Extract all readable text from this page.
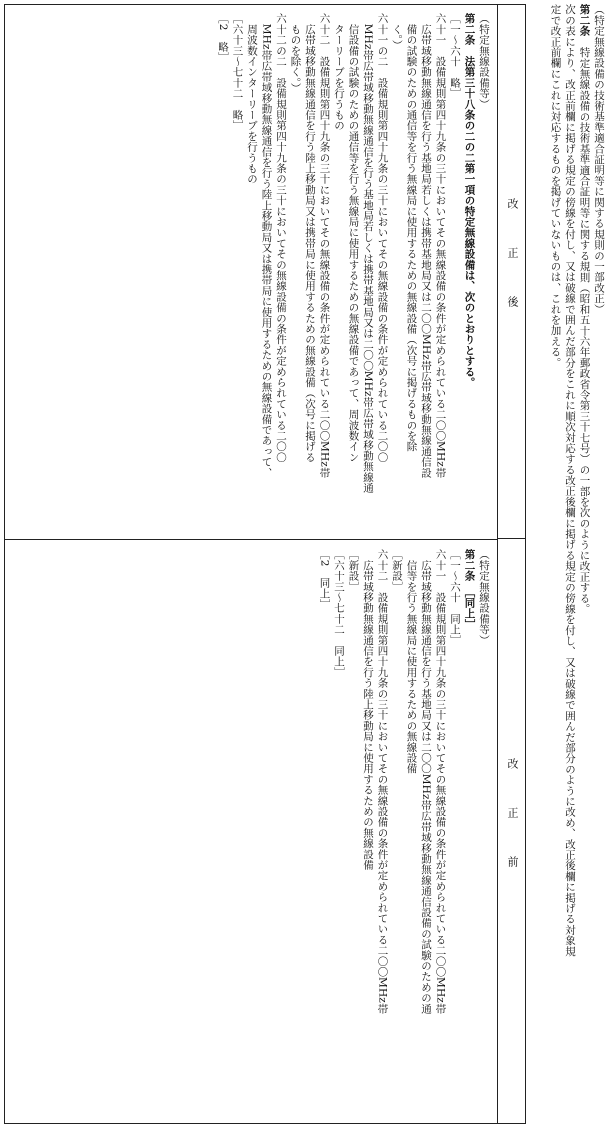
（特定無線設備の技術基準適合証明等に関する規則の一部改正）
第二条　特定無線設備の技術基準適合証明等に関する規則（昭和五十六年郵政省令第三十七号）の一部を次のように改正する。
次の表により、改正前欄に掲げる規定の傍線を付し、又は破線で囲んだ部分をこれに順次対応する改正後欄に掲げる規定の傍線を付し、又は破線で囲んだ部分のように改め、改正後欄に掲げる対象規
定で改正前欄にこれに対応するものを掲げていないものは、これを加える。
改正後
改正前
（特定無線設備等）
第二条　法第三十八条の二の二第一項の特定無線設備は、次のとおりとする。
［一～六十　略］
六十一　設備規則第四十九条の三十においてその無線設備の条件が定められている二〇〇MHz帯
　広帯域移動無線通信を行う基地局若しくは携帯基地局又は二〇〇MHz帯広帯域移動無線通信設
　備の試験のための通信等を行う無線局に使用するための無線設備（次号に掲げるものを除
　く。）
六十一の二　設備規則第四十九条の三十においてその無線設備の条件が定められている二〇〇
　MHz帯広帯域移動無線通信を行う基地局若しくは携帯基地局又は二〇〇MHz帯広帯域移動無線通
　信設備の試験のための通信等を行う無線局に使用するための無線設備であって、周波数イン
　ターリーブを行うもの
六十二　設備規則第四十九条の三十においてその無線設備の条件が定められている二〇〇MHz帯
　広帯域移動無線通信を行う陸上移動局又は携帯局に使用するための無線設備（次号に掲げる
　ものを除く。）
六十二の二　設備規則第四十九条の三十においてその無線設備の条件が定められている二〇〇
　MHz帯広帯域移動無線通信を行う陸上移動局又は携帯局に使用するための無線設備であって、
　周波数インターリーブを行うもの
［六十三～七十二　略］
［2　略］
（特定無線設備等）
第二条　［同上］
［一～六十　同上］
六十一　設備規則第四十九条の三十においてその無線設備の条件が定められている二〇〇MHz帯
　広帯域移動無線通信を行う基地局又は二〇〇MHz帯広帯域移動無線通信設備の試験のための通
　信等を行う無線局に使用するための無線設備
［新設］
六十二　設備規則第四十九条の三十においてその無線設備の条件が定められている二〇〇MHz帯
　広帯域移動無線通信を行う陸上移動局に使用するための無線設備
［新設］
［六十三～七十二　同上］
［2　同上］
